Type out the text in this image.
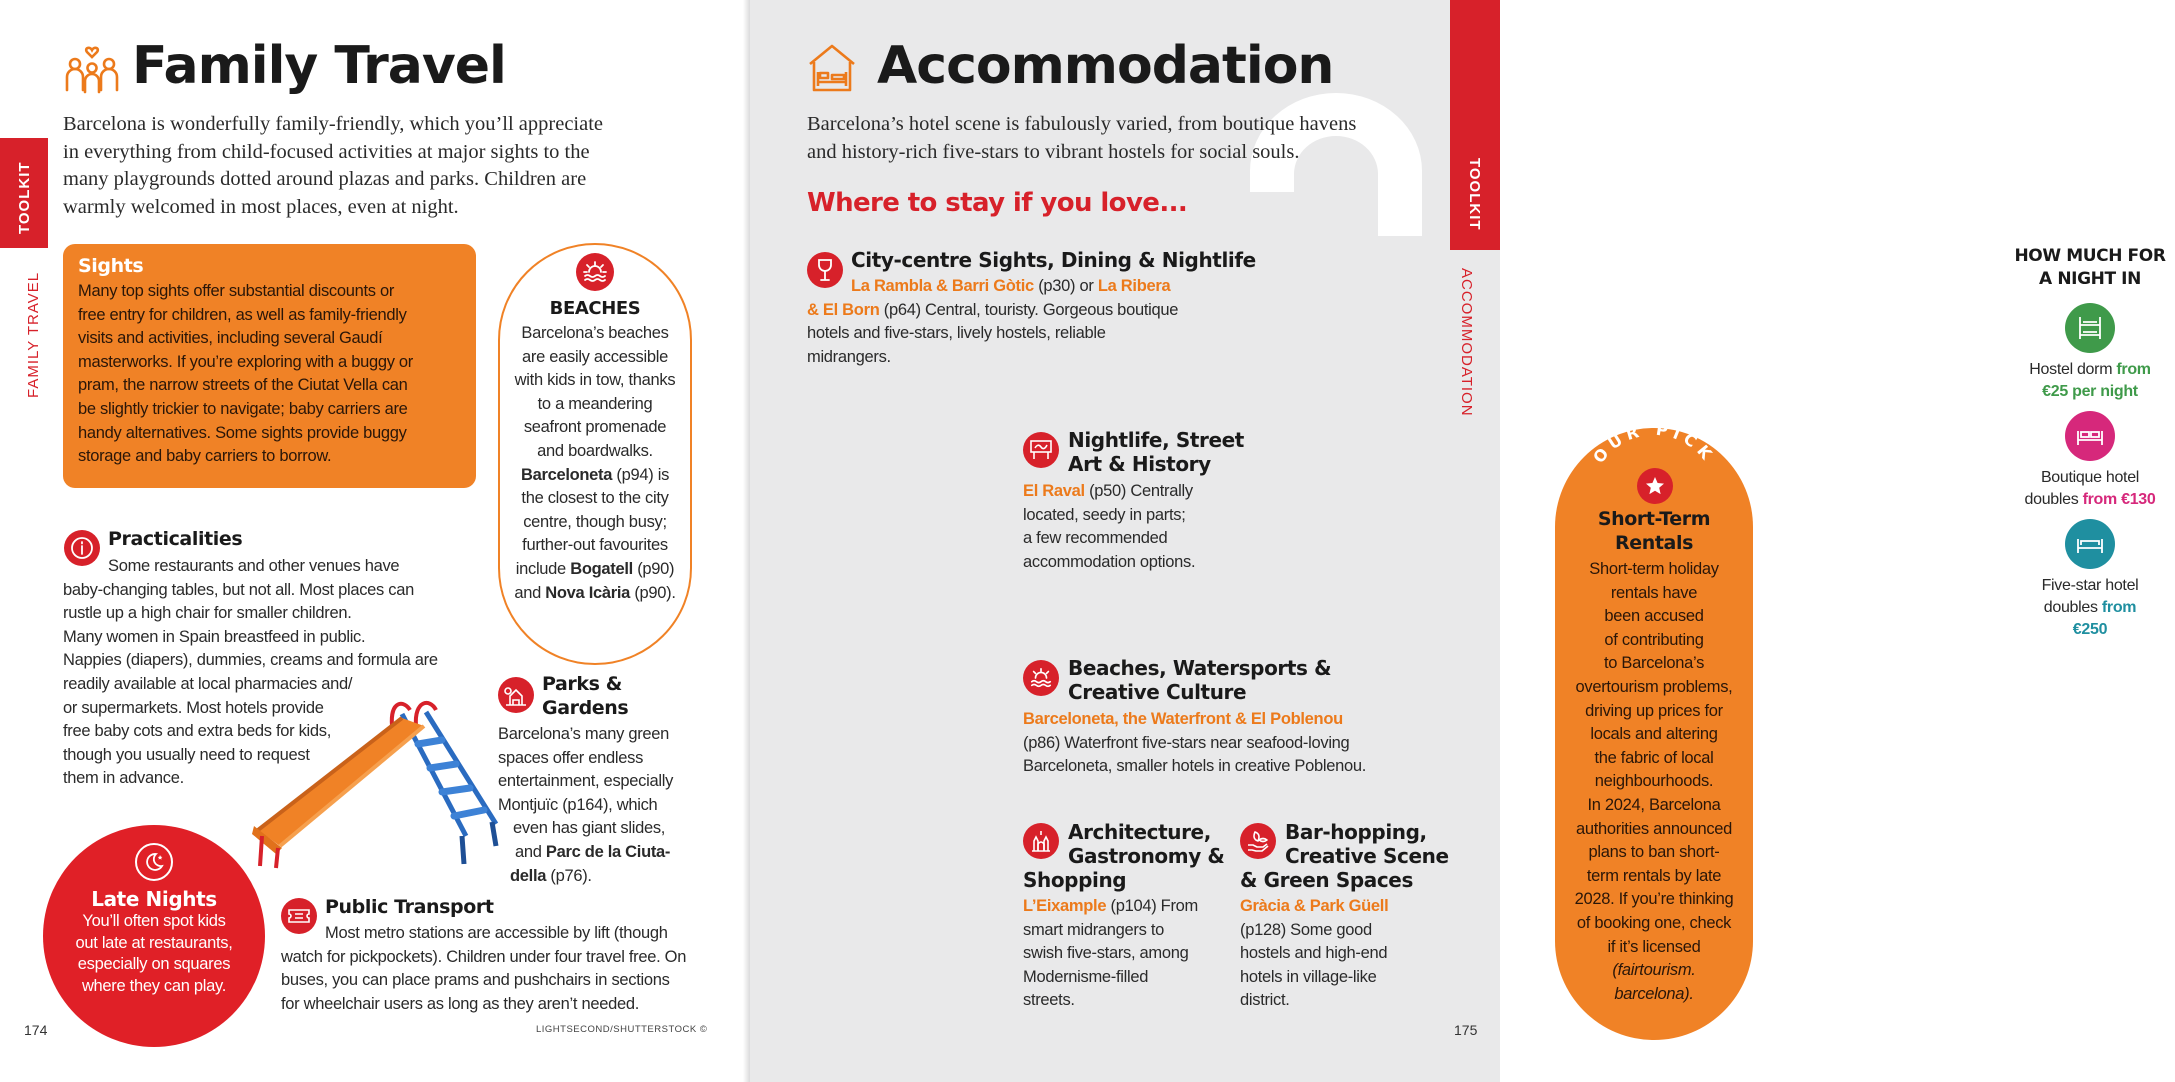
TOOLKIT
FAMILY TRAVEL
Family Travel
Barcelona is wonderfully family-friendly, which you’ll appreciate
in everything from child-focused activities at major sights to the
many playgrounds dotted around plazas and parks. Children are
warmly welcomed in most places, even at night.
Sights
Many top sights offer substantial discounts or
free entry for children, as well as family-friendly
visits and activities, including several Gaudí
masterworks. If you’re exploring with a buggy or
pram, the narrow streets of the Ciutat Vella can
be slightly trickier to navigate; baby carriers are
handy alternatives. Some sights provide buggy
storage and baby carriers to borrow.
BEACHES
Barcelona’s beaches
are easily accessible
with kids in tow, thanks
to a meandering
seafront promenade
and boardwalks.
Barceloneta (p94) is
the closest to the city
centre, though busy;
further-out favourites
include Bogatell (p90)
and Nova Icària (p90).
Practicalities
Some restaurants and other venues have
baby-changing tables, but not all. Most places can
rustle up a high chair for smaller children.
Many women in Spain breastfeed in public.
Nappies (diapers), dummies, creams and formula are
readily available at local pharmacies and/
or supermarkets. Most hotels provide
free baby cots and extra beds for kids,
though you usually need to request
them in advance.
Parks &
Gardens
Barcelona’s many green
spaces offer endless
entertainment, especially
Montjuïc (p164), which
even has giant slides,
and Parc de la Ciuta-
della (p76).
Late Nights
You’ll often spot kids
out late at restaurants,
especially on squares
where they can play.
Public Transport
Most metro stations are accessible by lift (though
watch for pickpockets). Children under four travel free. On
buses, you can place prams and pushchairs in sections
for wheelchair users as long as they aren’t needed.
174	LIGHTSECOND/SHUTTERSTOCK ©
Accommodation
Barcelona’s hotel scene is fabulously varied, from boutique havens
and history-rich five-stars to vibrant hostels for social souls.
Where to stay if you love...
City-centre Sights, Dining & Nightlife
La Rambla & Barri Gòtic (p30) or La Ribera
& El Born (p64) Central, touristy. Gorgeous boutique
hotels and five-stars, lively hostels, reliable
midrangers.
OUR PICK
Short-Term
Rentals
Short-term holiday
rentals have
been accused
of contributing
to Barcelona’s
overtourism problems,
driving up prices for
locals and altering
the fabric of local
neighbourhoods.
In 2024, Barcelona
authorities announced
plans to ban short-
term rentals by late
2028. If you’re thinking
of booking one, check
if it’s licensed
(fairtourism.
barcelona).
Nightlife, Street
Art & History
El Raval (p50) Centrally
located, seedy in parts;
a few recommended
accommodation options.
HOW MUCH FOR
A NIGHT IN
Hostel dorm from
€25 per night
Boutique hotel
doubles from €130
Five-star hotel
doubles from
€250
Beaches, Watersports &
Creative Culture
Barceloneta, the Waterfront & El Poblenou
(p86) Waterfront five-stars near seafood-loving
Barceloneta, smaller hotels in creative Poblenou.
Architecture,
Gastronomy &
Shopping
L’Eixample (p104) From
smart midrangers to
swish five-stars, among
Modernisme-filled
streets.
Bar-hopping,
Creative Scene
& Green Spaces
Gràcia & Park Güell
(p128) Some good
hostels and high-end
hotels in village-like
district.
TOOLKIT
ACCOMMODATION
175
